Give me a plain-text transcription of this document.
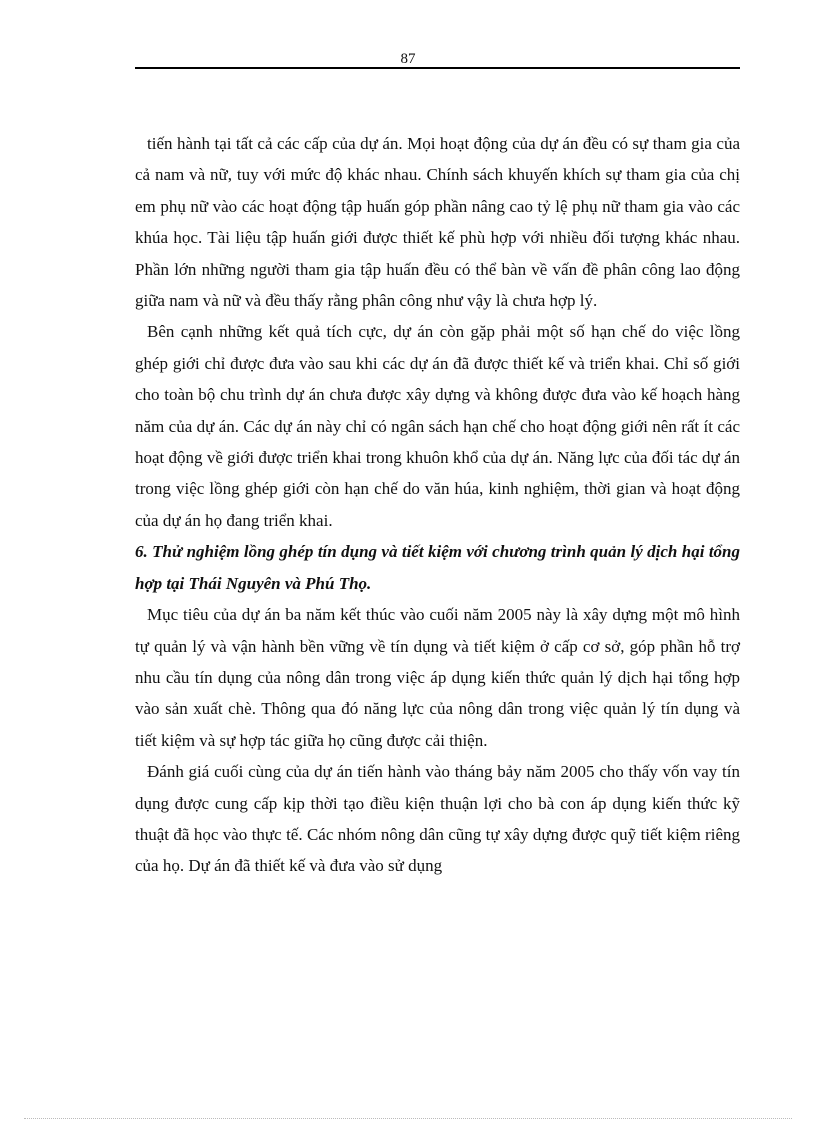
87

tiến hành tại tất cả các cấp của dự án. Mọi hoạt động của dự án đều có sự tham gia của cả nam và nữ, tuy với mức độ khác nhau. Chính sách khuyến khích sự tham gia của chị em phụ nữ vào các hoạt động tập huấn góp phần nâng cao tỷ lệ phụ nữ tham gia vào các khúa học. Tài liệu tập huấn giới được thiết kế phù hợp với nhiều đối tượng khác nhau. Phần lớn những người tham gia tập huấn đều có thể bàn về vấn đề phân công lao động giữa nam và nữ và đều thấy rằng phân công như vậy là chưa hợp lý.

Bên cạnh những kết quả tích cực, dự án còn gặp phải một số hạn chế do việc lồng ghép giới chỉ được đưa vào sau khi các dự án đã được thiết kế và triển khai. Chỉ số giới cho toàn bộ chu trình dự án chưa được xây dựng và không được đưa vào kế hoạch hàng năm của dự án. Các dự án này chỉ có ngân sách hạn chế cho hoạt động giới nên rất ít các hoạt động về giới được triển khai trong khuôn khổ của dự án. Năng lực của đối tác dự án trong việc lồng ghép giới còn hạn chế do văn húa, kinh nghiệm, thời gian và hoạt động của dự án họ đang triển khai.

6. Thử nghiệm lồng ghép tín dụng và tiết kiệm với chương trình quản lý dịch hại tổng hợp tại Thái Nguyên và Phú Thọ.

Mục tiêu của dự án ba năm kết thúc vào cuối năm 2005 này là xây dựng một mô hình tự quản lý và vận hành bền vững về tín dụng và tiết kiệm ở cấp cơ sở, góp phần hỗ trợ nhu cầu tín dụng của nông dân trong việc áp dụng kiến thức quản lý dịch hại tổng hợp vào sản xuất chè. Thông qua đó năng lực của nông dân trong việc quản lý tín dụng và tiết kiệm và sự hợp tác giữa họ cũng được cải thiện.

Đánh giá cuối cùng của dự án tiến hành vào tháng bảy năm 2005 cho thấy vốn vay tín dụng được cung cấp kịp thời tạo điều kiện thuận lợi cho bà con áp dụng kiến thức kỹ thuật đã học vào thực tế. Các nhóm nông dân cũng tự xây dựng được quỹ tiết kiệm riêng của họ. Dự án đã thiết kế và đưa vào sử dụng
